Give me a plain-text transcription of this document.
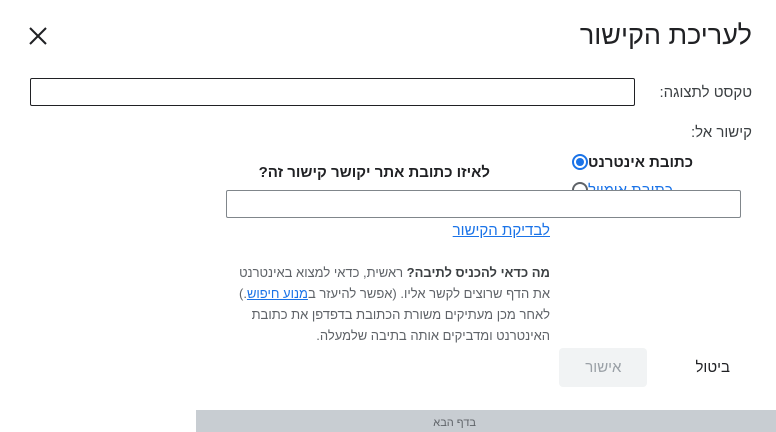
בדף הבא
לעריכת הקישור
טקסט לתצוגה:
קישור אל:
כתובת אינטרנט
לאיזו כתובת אתר יקושר קישור זה?
לבדיקת הקישור
מה כדאי להכניס לתיבה? ראשית, כדאי למצוא באינטרנט את הדף שרוצים לקשר אליו. (אפשר להיעזר במנוע חיפוש.) לאחר מכן מעתיקים משורת הכתובת בדפדפן את כתובת האינטרנט ומדביקים אותה בתיבה שלמעלה.
ביטול
אישור
